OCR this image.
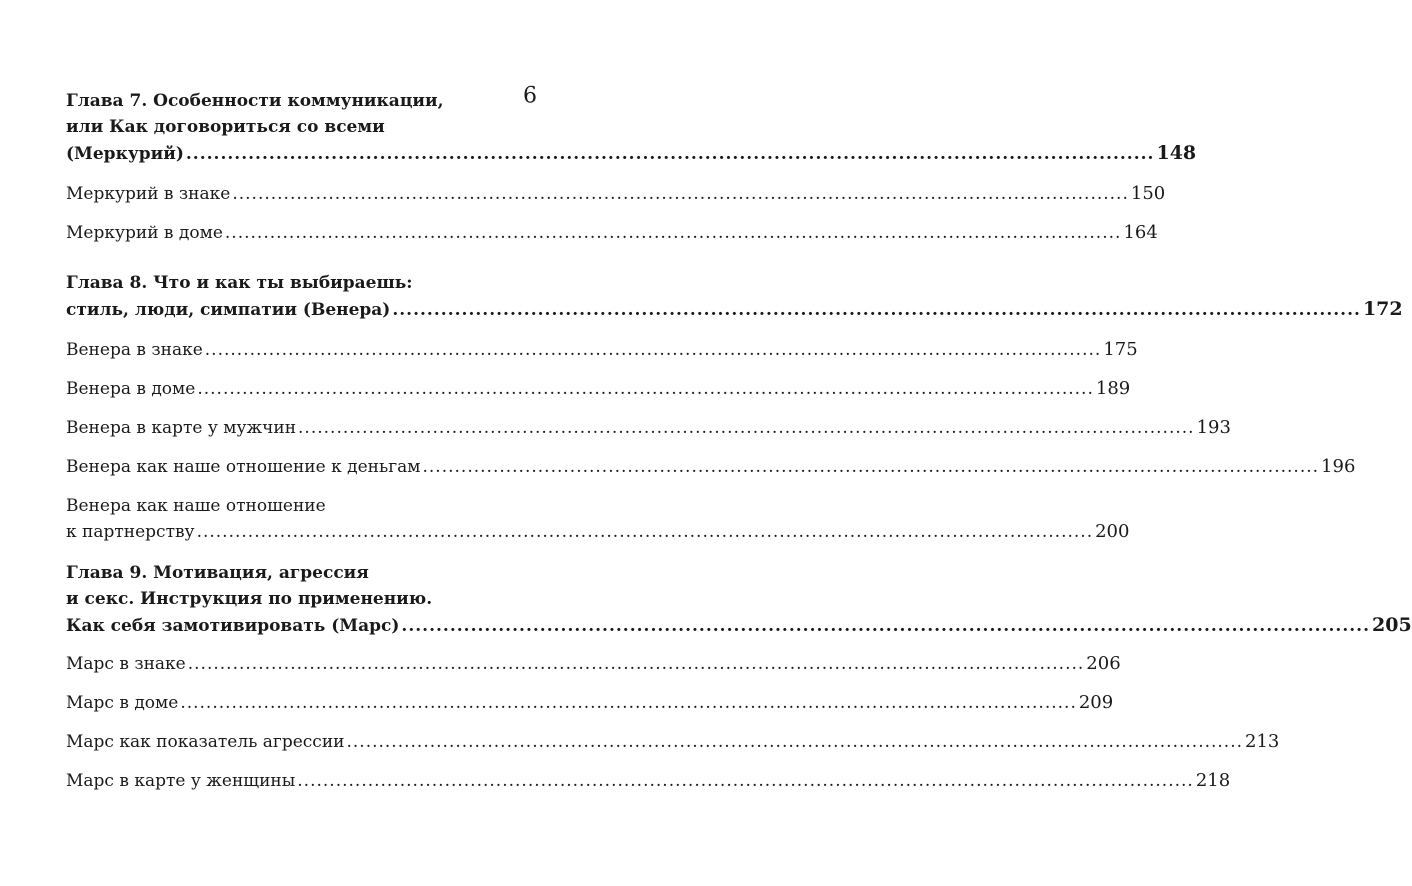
9
Глава 7. Особенности коммуникации,
или Как договориться со всеми
(Меркурий) .....	148
Меркурий в знаке .....	150
Меркурий в доме .....	164
Глава 8. Что и как ты выбираешь:
стиль, люди, симпатии (Венера) .....	172
Венера в знаке .....	175
Венера в доме .....	189
Венера в карте у мужчин .....	193
Венера как наше отношение к деньгам .....	196
Венера как наше отношение
к партнерству .....	200
Глава 9. Мотивация, агрессия
и секс. Инструкция по применению.
Как себя замотивировать (Марс) .....	205
Марс в знаке .....	206
Марс в доме .....	209
Марс как показатель агрессии .....	213
Марс в карте у женщины .....	218
